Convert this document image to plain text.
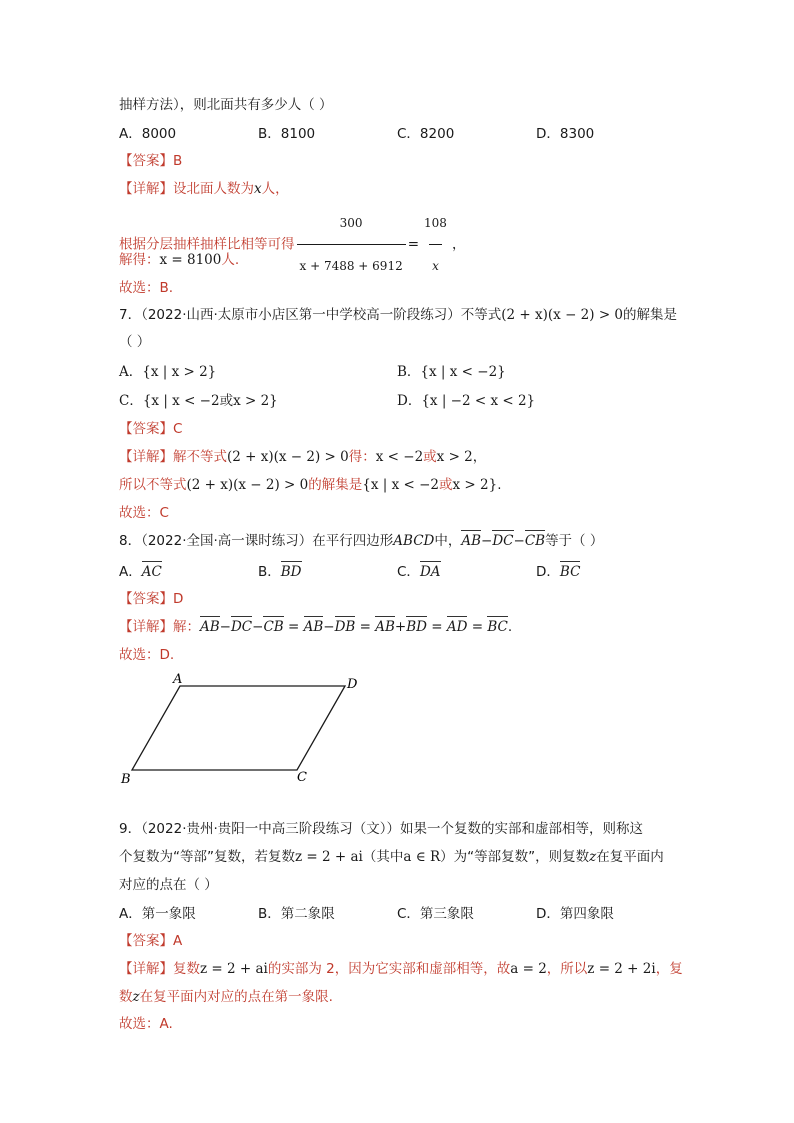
抽样方法），则北面共有多少人（ ）
A．8000	B．8100	C．8200	D．8300
【答案】B
【详解】设北面人数为x人，
根据分层抽样抽样比相等可得 $\frac{300}{x + 7488 + 6912} = \frac{108}{x}$ ，
解得：x = 8100人.
故选：B.
7．（2022·山西·太原市小店区第一中学校高一阶段练习）不等式(2 + x)(x − 2) > 0的解集是
（ ）
A．{x | x > 2}	B．{x | x < −2}
C．{x | x < −2或x > 2}	D．{x | −2 < x < 2}
【答案】C
【详解】解不等式(2 + x)(x − 2) > 0得：x < −2或x > 2，
所以不等式(2 + x)(x − 2) > 0的解集是{x | x < −2或x > 2}.
故选：C
8．（2022·全国·高一课时练习）在平行四边形ABCD中，AB−DC−CB等于（ ）
A．AC	B．BD	C．DA	D．BC
【答案】D
【详解】解：AB−DC−CB = AB−DB = AB+BD = AD = BC.
故选：D.
A	D
B	C
9．（2022·贵州·贵阳一中高三阶段练习（文））如果一个复数的实部和虚部相等，则称这
个复数为“等部”复数，若复数z = 2 + ai（其中a ∈ R）为“等部复数”，则复数z在复平面内
对应的点在（ ）
A．第一象限	B．第二象限	C．第三象限	D．第四象限
【答案】A
【详解】复数z = 2 + ai的实部为 2，因为它实部和虚部相等，故a = 2，所以z = 2 + 2i，复
数z在复平面内对应的点在第一象限.
故选：A.
